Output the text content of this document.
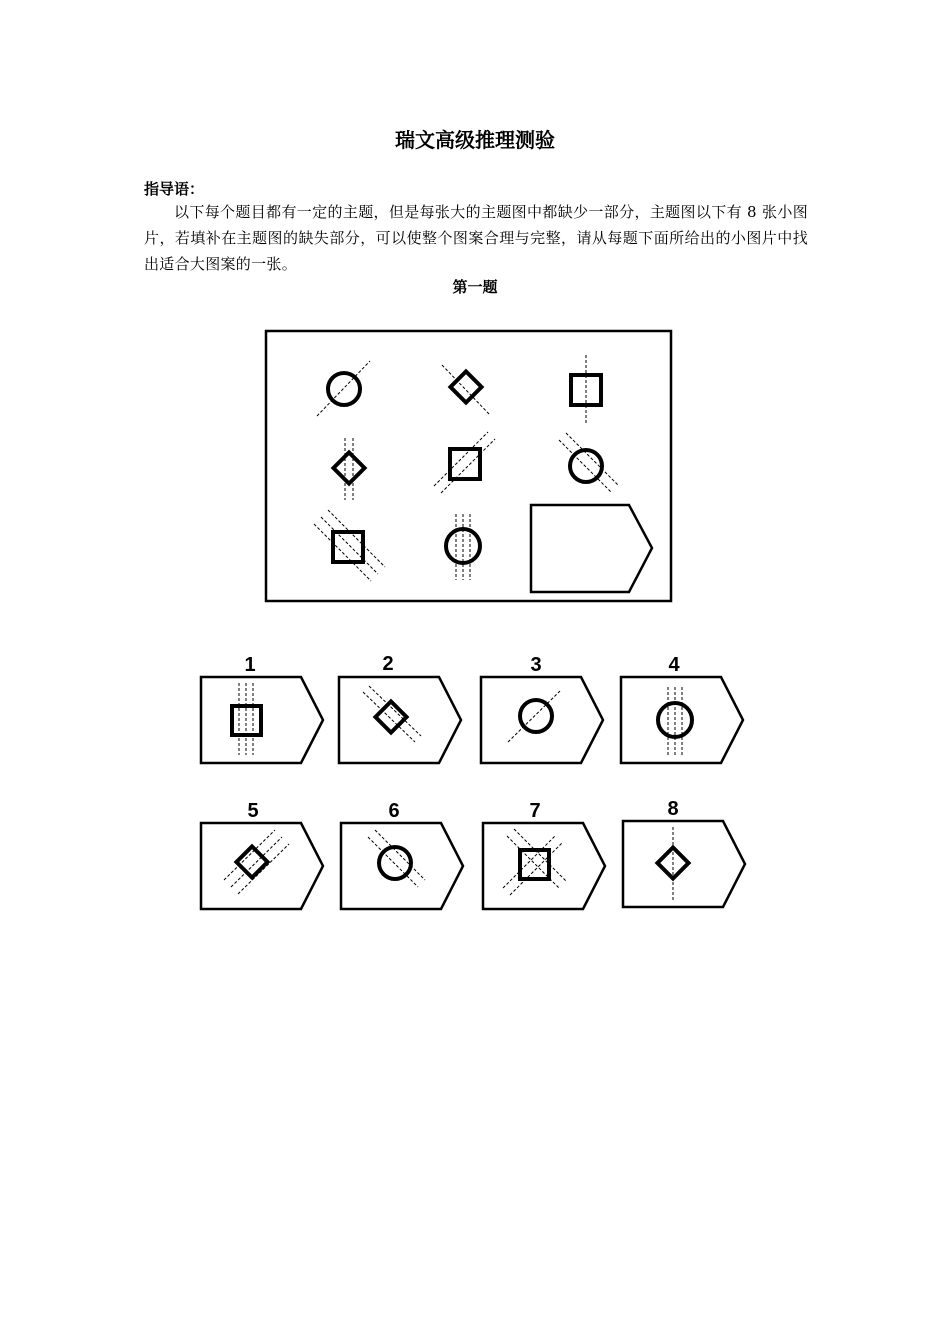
瑞文高级推理测验
指导语：
以下每个题目都有一定的主题，但是每张大的主题图中都缺少一部分，主题图以下有 8 张小图片，若填补在主题图的缺失部分，可以使整个图案合理与完整，请从每题下面所给出的小图片中找出适合大图案的一张。
第一题
1	2	3	4
5	6	7	8
